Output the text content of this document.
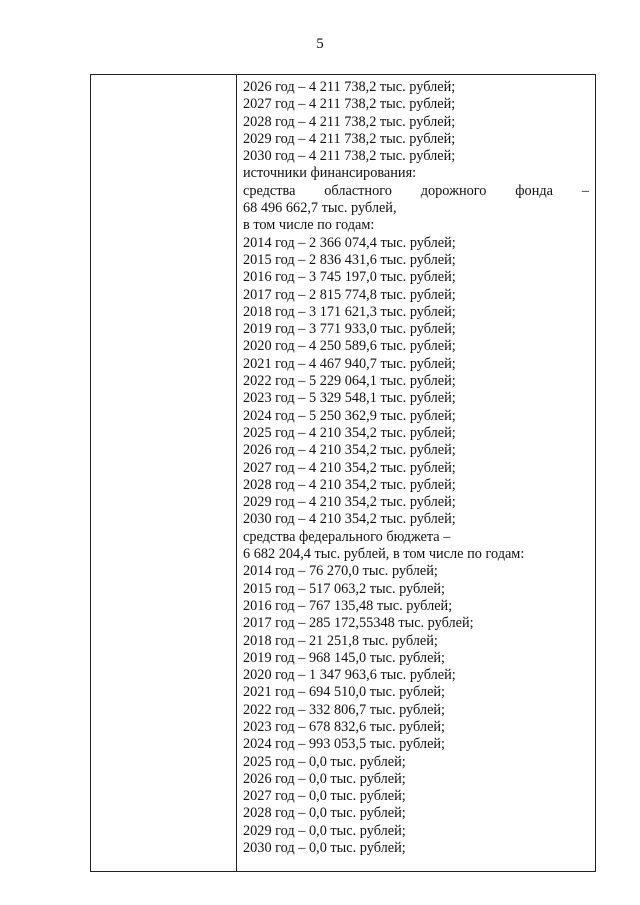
5
2026 год – 4 211 738,2 тыс. рублей;
2027 год – 4 211 738,2 тыс. рублей;
2028 год – 4 211 738,2 тыс. рублей;
2029 год – 4 211 738,2 тыс. рублей;
2030 год – 4 211 738,2 тыс. рублей;
источники финансирования:
средства областного дорожного фонда –
68 496 662,7 тыс. рублей,
в том числе по годам:
2014 год – 2 366 074,4 тыс. рублей;
2015 год – 2 836 431,6 тыс. рублей;
2016 год – 3 745 197,0 тыс. рублей;
2017 год – 2 815 774,8 тыс. рублей;
2018 год – 3 171 621,3 тыс. рублей;
2019 год – 3 771 933,0 тыс. рублей;
2020 год – 4 250 589,6 тыс. рублей;
2021 год – 4 467 940,7 тыс. рублей;
2022 год – 5 229 064,1 тыс. рублей;
2023 год – 5 329 548,1 тыс. рублей;
2024 год – 5 250 362,9 тыс. рублей;
2025 год – 4 210 354,2 тыс. рублей;
2026 год – 4 210 354,2 тыс. рублей;
2027 год – 4 210 354,2 тыс. рублей;
2028 год – 4 210 354,2 тыс. рублей;
2029 год – 4 210 354,2 тыс. рублей;
2030 год – 4 210 354,2 тыс. рублей;
средства федерального бюджета –
6 682 204,4 тыс. рублей, в том числе по годам:
2014 год – 76 270,0 тыс. рублей;
2015 год – 517 063,2 тыс. рублей;
2016 год – 767 135,48 тыс. рублей;
2017 год – 285 172,55348 тыс. рублей;
2018 год – 21 251,8 тыс. рублей;
2019 год – 968 145,0 тыс. рублей;
2020 год – 1 347 963,6 тыс. рублей;
2021 год – 694 510,0 тыс. рублей;
2022 год – 332 806,7 тыс. рублей;
2023 год – 678 832,6 тыс. рублей;
2024 год – 993 053,5 тыс. рублей;
2025 год – 0,0 тыс. рублей;
2026 год – 0,0 тыс. рублей;
2027 год – 0,0 тыс. рублей;
2028 год – 0,0 тыс. рублей;
2029 год – 0,0 тыс. рублей;
2030 год – 0,0 тыс. рублей;
